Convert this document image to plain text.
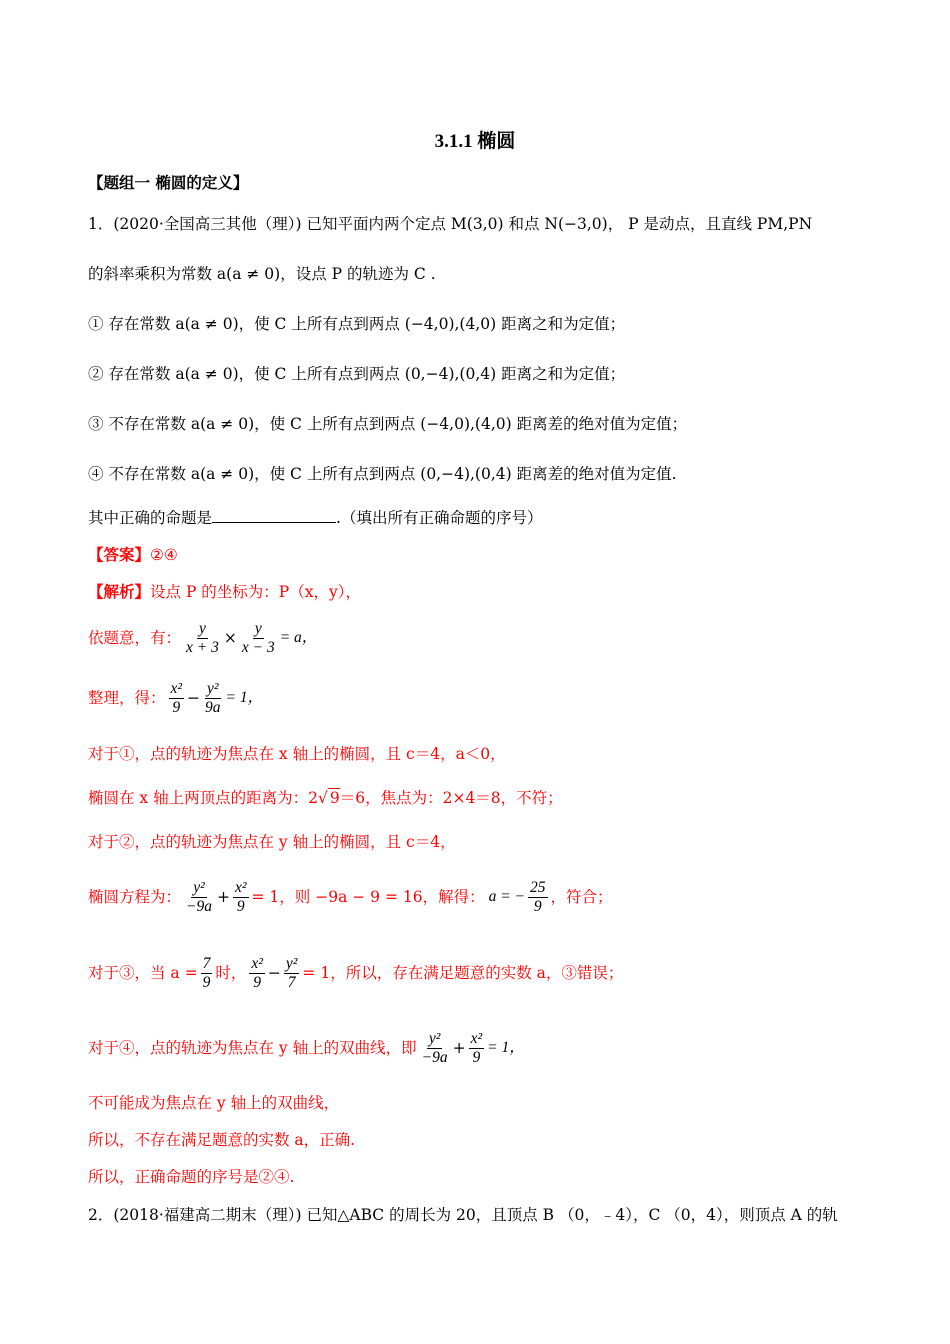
3.1.1 椭圆
【题组一 椭圆的定义】
1．(2020·全国高三其他（理）) 已知平面内两个定点 M(3,0) 和点 N(−3,0)， P 是动点，且直线 PM,PN
的斜率乘积为常数 a(a ≠ 0)，设点 P 的轨迹为 C .
① 存在常数 a(a ≠ 0)，使 C 上所有点到两点 (−4,0),(4,0) 距离之和为定值；
② 存在常数 a(a ≠ 0)，使 C 上所有点到两点 (0,−4),(0,4) 距离之和为定值；
③ 不存在常数 a(a ≠ 0)，使 C 上所有点到两点 (−4,0),(4,0) 距离差的绝对值为定值；
④ 不存在常数 a(a ≠ 0)，使 C 上所有点到两点 (0,−4),(0,4) 距离差的绝对值为定值.
其中正确的命题是	.（填出所有正确命题的序号）
【答案】②④
【解析】设点 P 的坐标为：P（x，y），
依题意，有： $\frac{y}{x + 3} \times \frac{y}{x - 3} = a$，
整理，得： $\frac{\text{x²}}{9} - \frac{\text{y²}}{9a} = 1$，
对于①，点的轨迹为焦点在 x 轴上的椭圆，且 c＝4，a＜0，
椭圆在 x 轴上两顶点的距离为：2√ 9＝6，焦点为：2×4＝8，不符；
对于②，点的轨迹为焦点在 y 轴上的椭圆，且 c＝4，
椭圆方程为： $\frac{\text{y²}}{-9a} + \frac{\text{x²}}{9} = 1$，则 −9a − 9 = 16，解得： a = − $\frac{25}{9}$ ，符合；
对于③，当 $a = \frac{7}{9}$ 时， $\frac{\text{x²}}{9} - \frac{\text{y²}}{7} = 1$，所以，存在满足题意的实数 a，③错误；
对于④，点的轨迹为焦点在 y 轴上的双曲线，即 $\frac{\text{y²}}{-9a} + \frac{\text{x²}}{9} = 1$，
不可能成为焦点在 y 轴上的双曲线，
所以，不存在满足题意的实数 a，正确.
所以，正确命题的序号是②④.
2．(2018·福建高二期末（理）) 已知△ABC 的周长为 20，且顶点 B （0，﹣4），C （0，4），则顶点 A 的轨
